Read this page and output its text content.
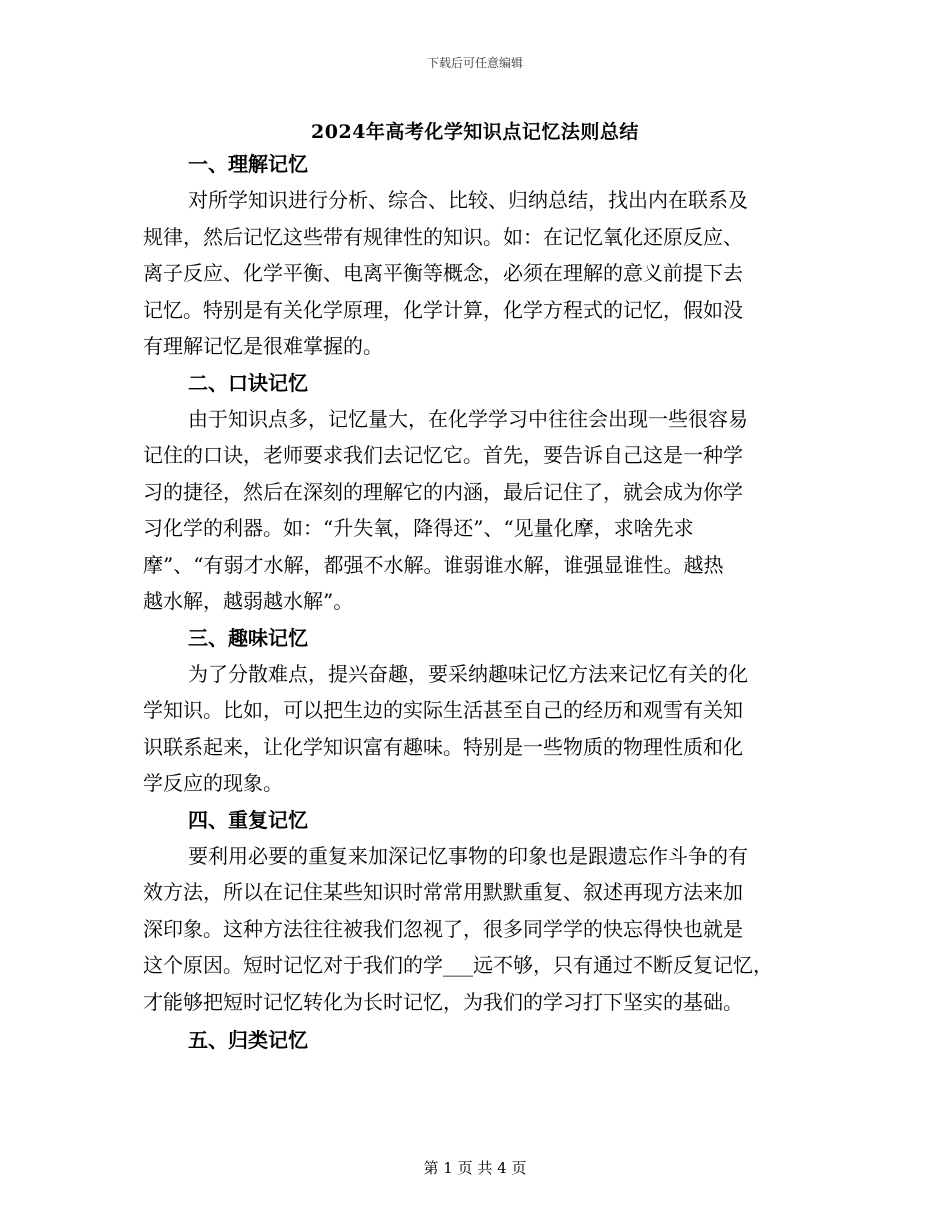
下载后可任意编辑
2024年高考化学知识点记忆法则总结
一、理解记忆
对所学知识进行分析、综合、比较、归纳总结，找出内在联系及
规律，然后记忆这些带有规律性的知识。如：在记忆氧化还原反应、
离子反应、化学平衡、电离平衡等概念，必须在理解的意义前提下去
记忆。特别是有关化学原理，化学计算，化学方程式的记忆，假如没
有理解记忆是很难掌握的。
二、口诀记忆
由于知识点多，记忆量大，在化学学习中往往会出现一些很容易
记住的口诀，老师要求我们去记忆它。首先，要告诉自己这是一种学
习的捷径，然后在深刻的理解它的内涵，最后记住了，就会成为你学
习化学的利器。如：“升失氧，降得还”、“见量化摩，求啥先求
摩”、“有弱才水解，都强不水解。谁弱谁水解，谁强显谁性。越热
越水解，越弱越水解”。
三、趣味记忆
为了分散难点，提兴奋趣，要采纳趣味记忆方法来记忆有关的化
学知识。比如，可以把生边的实际生活甚至自己的经历和观雪有关知
识联系起来，让化学知识富有趣味。特别是一些物质的物理性质和化
学反应的现象。
四、重复记忆
要利用必要的重复来加深记忆事物的印象也是跟遗忘作斗争的有
效方法，所以在记住某些知识时常常用默默重复、叙述再现方法来加
深印象。这种方法往往被我们忽视了，很多同学学的快忘得快也就是
这个原因。短时记忆对于我们的学___远不够，只有通过不断反复记忆，
才能够把短时记忆转化为长时记忆，为我们的学习打下坚实的基础。
五、归类记忆
第 1 页 共 4 页
